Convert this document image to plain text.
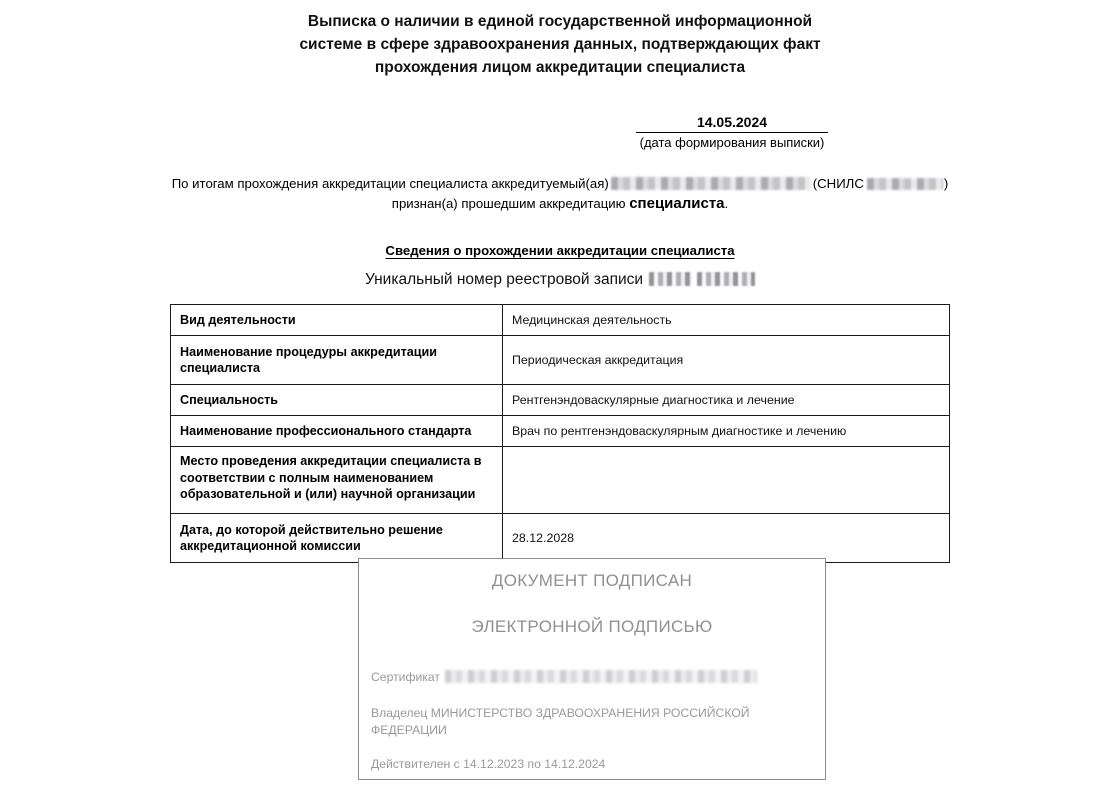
Выписка о наличии в единой государственной информационной
системе в сфере здравоохранения данных, подтверждающих факт
прохождения лицом аккредитации специалиста
14.05.2024
(дата формирования выписки)
По итогам прохождения аккредитации специалиста аккредитуемый(ая)	(СНИЛС	)
признан(а) прошедшим аккредитацию специалиста.
Сведения о прохождении аккредитации специалиста
Уникальный номер реестровой записи
Вид деятельности	Медицинская деятельность
Наименование процедуры аккредитации специалиста	Периодическая аккредитация
Специальность	Рентгенэндоваскулярные диагностика и лечение
Наименование профессионального стандарта	Врач по рентгенэндоваскулярным диагностике и лечению
Место проведения аккредитации специалиста в соответствии с полным наименованием образовательной и (или) научной организации	
Дата, до которой действительно решение аккредитационной комиссии	28.12.2028
ДОКУМЕНТ ПОДПИСАН
ЭЛЕКТРОННОЙ ПОДПИСЬЮ
Сертификат
Владелец МИНИСТЕРСТВО ЗДРАВООХРАНЕНИЯ РОССИЙСКОЙ ФЕДЕРАЦИИ
Действителен с 14.12.2023 по 14.12.2024
